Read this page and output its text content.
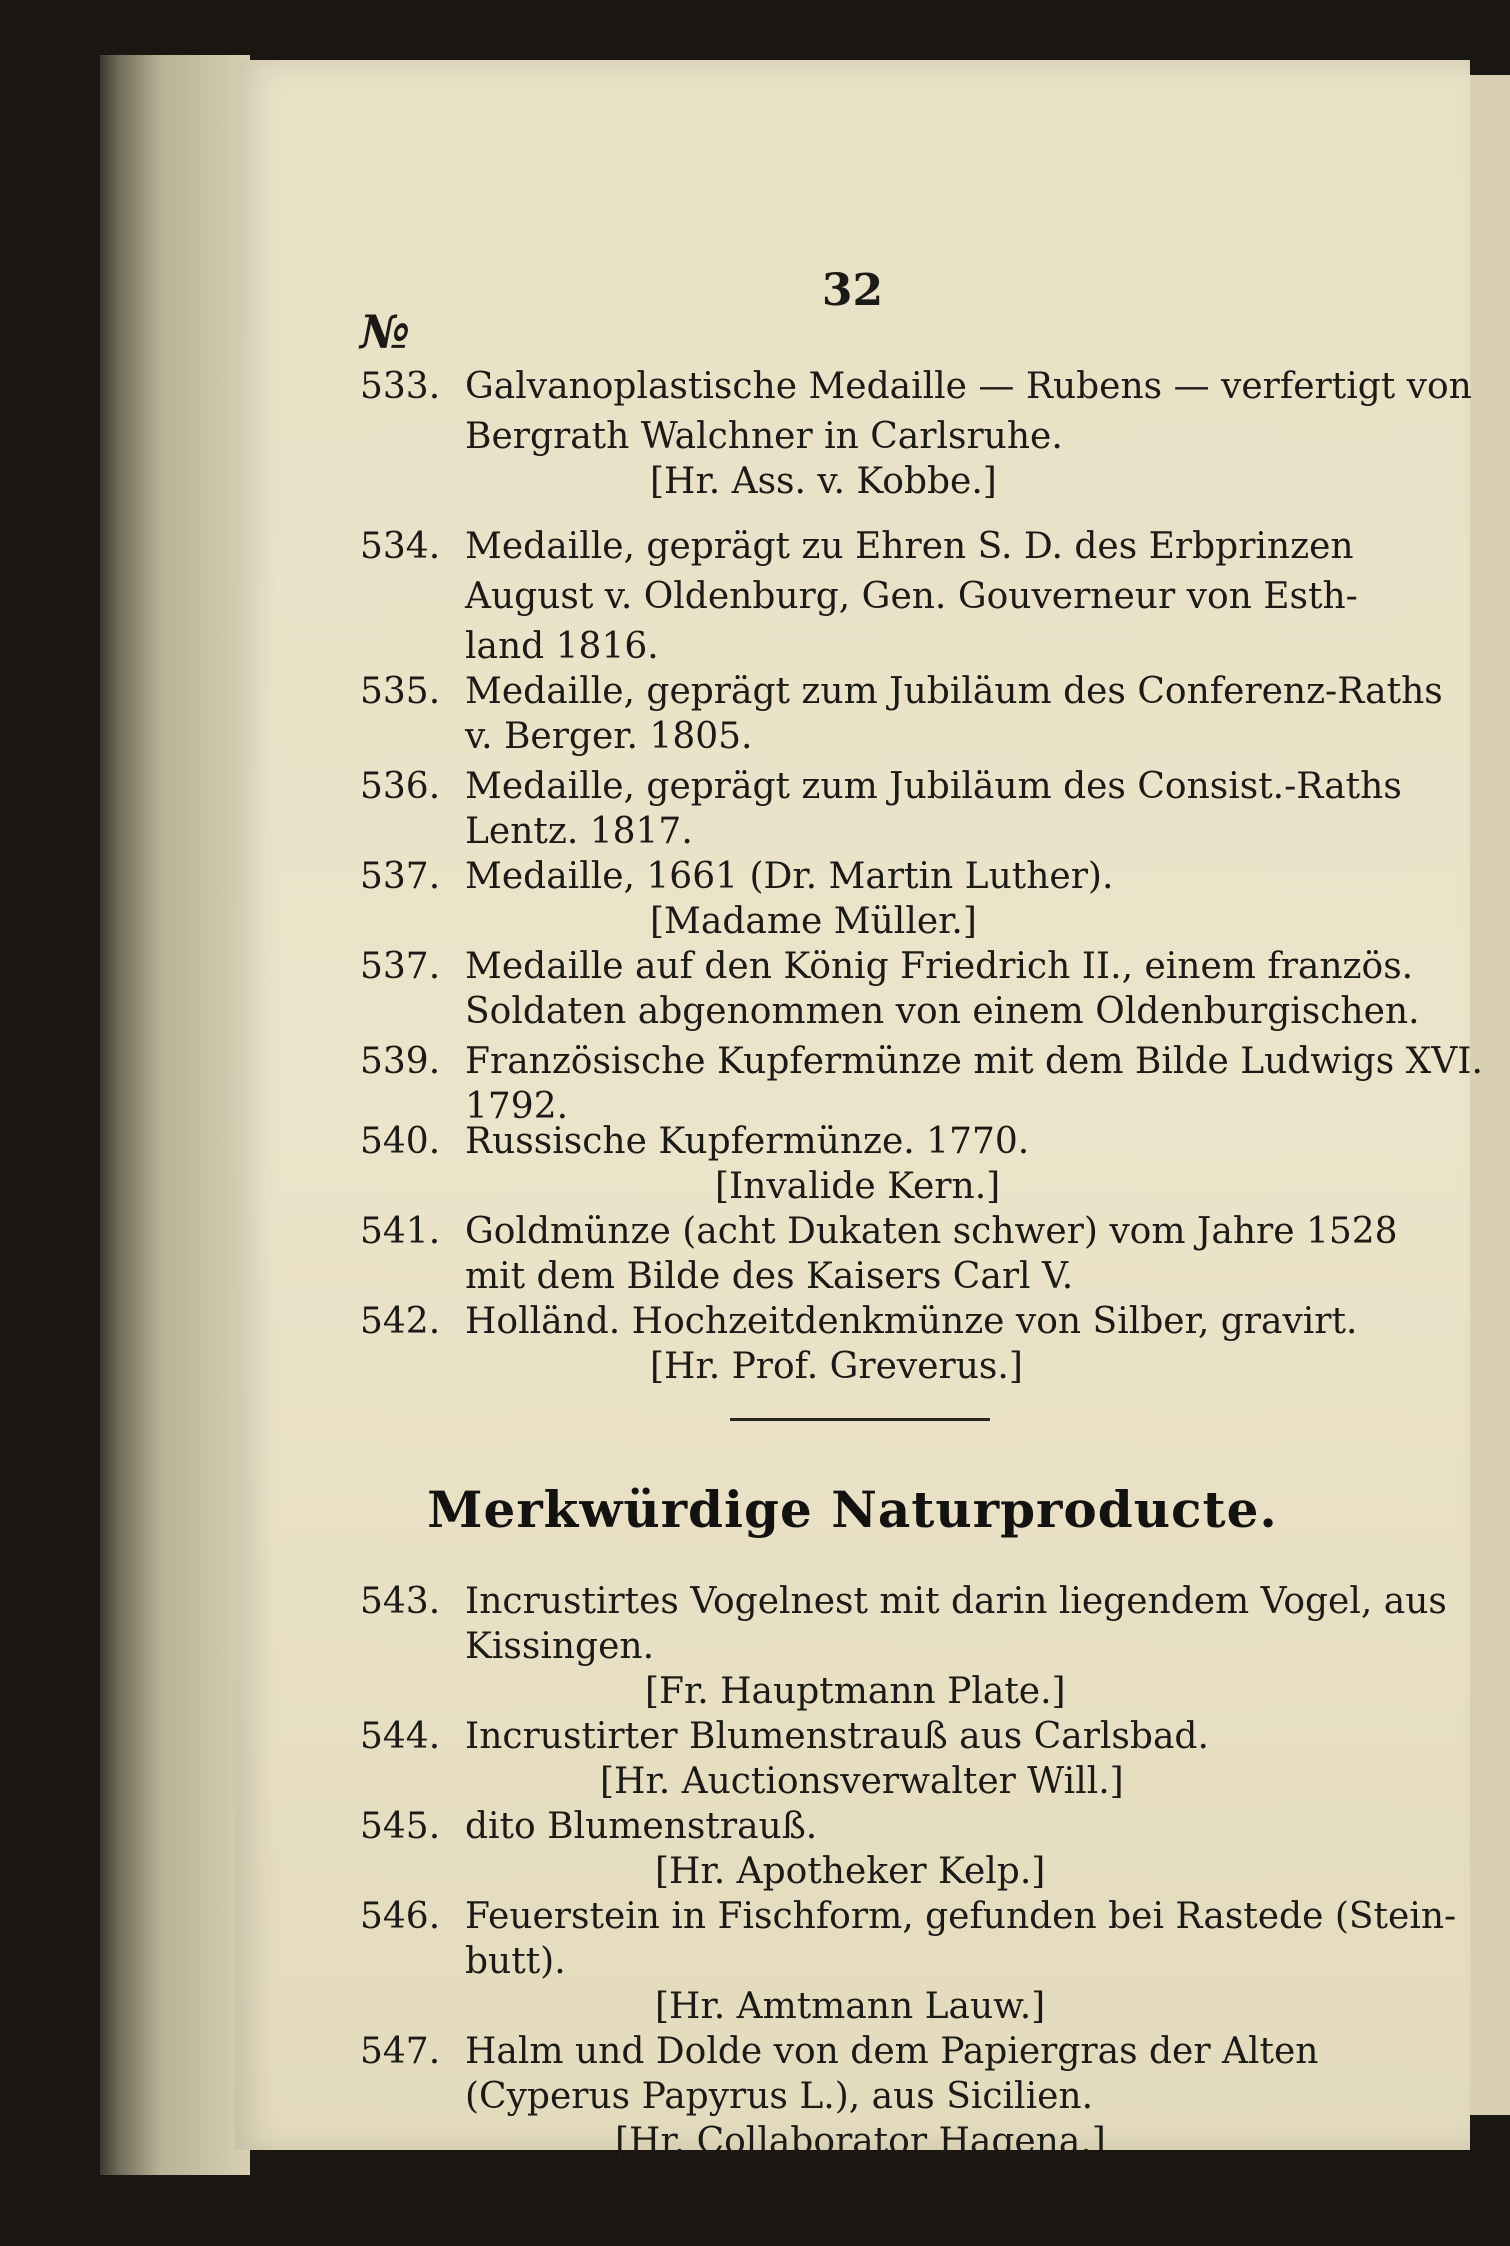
32
№
533. Galvanoplastische Medaille — Rubens — verfertigt von
Bergrath Walchner in Carlsruhe.
[Hr. Ass. v. Kobbe.]
534. Medaille, geprägt zu Ehren S. D. des Erbprinzen
August v. Oldenburg, Gen. Gouverneur von Esth-
land 1816.
535. Medaille, geprägt zum Jubiläum des Conferenz-Raths
v. Berger. 1805.
536. Medaille, geprägt zum Jubiläum des Consist.-Raths
Lentz. 1817.
537. Medaille, 1661 (Dr. Martin Luther).
[Madame Müller.]
537. Medaille auf den König Friedrich II., einem französ.
Soldaten abgenommen von einem Oldenburgischen.
539. Französische Kupfermünze mit dem Bilde Ludwigs XVI.
1792.
540. Russische Kupfermünze. 1770.
[Invalide Kern.]
541. Goldmünze (acht Dukaten schwer) vom Jahre 1528
mit dem Bilde des Kaisers Carl V.
542. Holländ. Hochzeitdenkmünze von Silber, gravirt.
[Hr. Prof. Greverus.]
Merkwürdige Naturproducte.
543. Incrustirtes Vogelnest mit darin liegendem Vogel, aus
Kissingen.
[Fr. Hauptmann Plate.]
544. Incrustirter Blumenstrauß aus Carlsbad.
[Hr. Auctionsverwalter Will.]
545. dito Blumenstrauß.
[Hr. Apotheker Kelp.]
546. Feuerstein in Fischform, gefunden bei Rastede (Stein-
butt).
[Hr. Amtmann Lauw.]
547. Halm und Dolde von dem Papiergras der Alten
(Cyperus Papyrus L.), aus Sicilien.
[Hr. Collaborator Hagena.]
